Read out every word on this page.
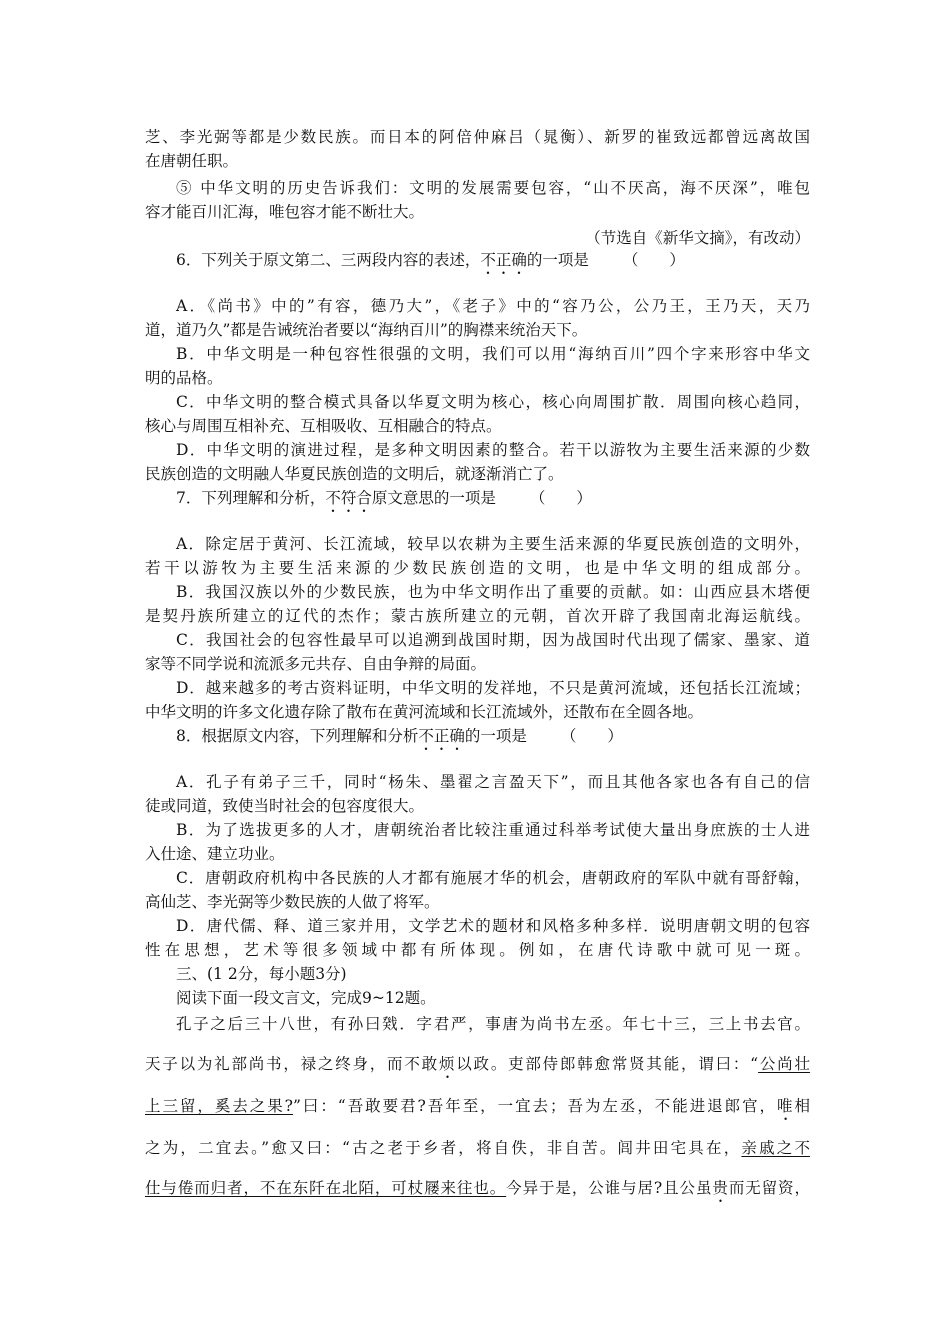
芝、李光弼等都是少数民族。而日本的阿倍仲麻吕（晁衡）、新罗的崔致远都曾远离故国
在唐朝任职。
⑤ 中华文明的历史告诉我们：文明的发展需要包容，“山不厌高，海不厌深”，唯包
容才能百川汇海，唯包容才能不断壮大。
（节选自《新华文摘》，有改动）
6．下列关于原文第二、三两段内容的表述，不正确的一项是 （　　）
A．《尚书》中的”有容，德乃大”，《老子》中的“容乃公，公乃王，王乃天，天乃
道，道乃久”都是告诫统治者要以“海纳百川”的胸襟来统治天下。
B．中华文明是一种包容性很强的文明，我们可以用“海纳百川”四个字来形容中华文
明的品格。
C．中华文明的整合模式具备以华夏文明为核心，核心向周围扩散．周围向核心趋同，
核心与周围互相补充、互相吸收、互相融合的特点。
D．中华文明的演进过程，是多种文明因素的整合。若干以游牧为主要生活来源的少数
民族创造的文明融人华夏民族创造的文明后，就逐渐消亡了。
7．下列理解和分析，不符合原文意思的一项是 （　　）
A．除定居于黄河、长江流域，较早以农耕为主要生活来源的华夏民族创造的文明外，
若干以游牧为主要生活来源的少数民族创造的文明，也是中华文明的组成部分。
B．我国汉族以外的少数民族，也为中华文明作出了重要的贡献。如：山西应县木塔便
是契丹族所建立的辽代的杰作；蒙古族所建立的元朝，首次开辟了我国南北海运航线。
C．我国社会的包容性最早可以追溯到战国时期，因为战国时代出现了儒家、墨家、道
家等不同学说和流派多元共存、自由争辩的局面。
D．越来越多的考古资料证明，中华文明的发祥地，不只是黄河流域，还包括长江流域；
中华文明的许多文化遗存除了散布在黄河流域和长江流域外，还散布在全圆各地。
8．根据原文内容，下列理解和分析不正确的一项是 （　　）
A．孔子有弟子三千，同时“杨朱、墨翟之言盈天下”，而且其他各家也各有自己的信
徒或同道，致使当时社会的包容度很大。
B．为了选拔更多的人才，唐朝统治者比较注重通过科举考试使大量出身庶族的士人进
入仕途、建立功业。
C．唐朝政府机构中各民族的人才都有施展才华的机会，唐朝政府的军队中就有哥舒翰，
高仙芝、李光弼等少数民族的人做了将军。
D．唐代儒、释、道三家并用，文学艺术的题材和风格多种多样．说明唐朝文明的包容
性在思想，艺术等很多领域中都有所体现。例如，在唐代诗歌中就可见一斑。
三、(1 2分，每小题3分)
阅读下面一段文言文，完成9~12题。
孔子之后三十八世，有孙曰戣．字君严，事唐为尚书左丞。年七十三，三上书去官。
天子以为礼部尚书，禄之终身，而不敢烦以政。吏部侍郎韩愈常贤其能，谓曰：“公尚壮
上三留，奚去之果?”曰：“吾敢要君?吾年至，一宜去；吾为左丞，不能进退郎官，唯相
之为，二宜去。”愈又曰：“古之老于乡者，将自佚，非自苦。闾井田宅具在，亲戚之不
仕与倦而归者，不在东阡在北陌，可杖屦来往也。今异于是，公谁与居?且公虽贵而无留资，
